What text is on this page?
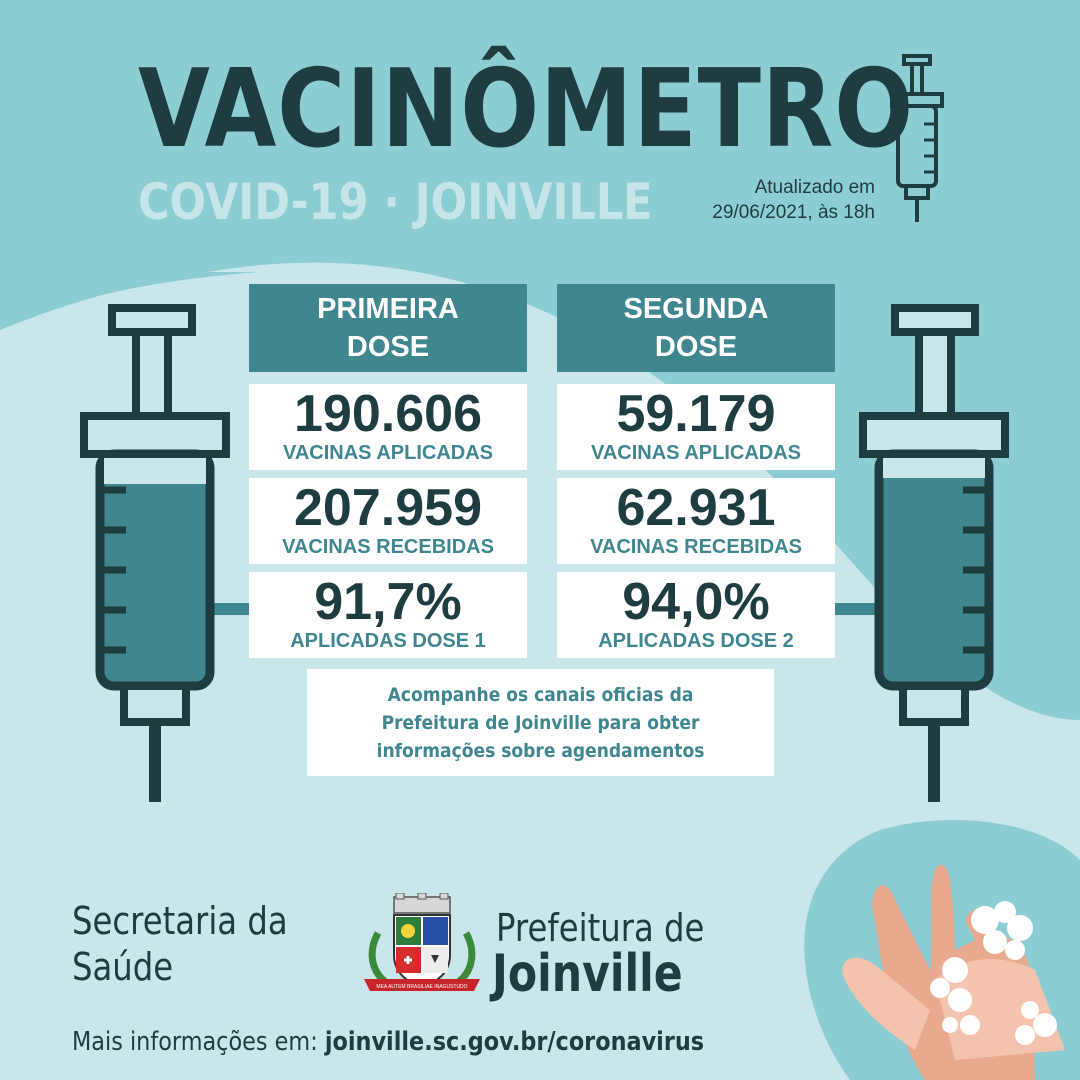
VACINÔMETRO
COVID-19 · JOINVILLE	Atualizado em
29/06/2021, às 18h
PRIMEIRA
DOSE
190.606
VACINAS APLICADAS
207.959
VACINAS RECEBIDAS
91,7%
APLICADAS DOSE 1
SEGUNDA
DOSE
59.179
VACINAS APLICADAS
62.931
VACINAS RECEBIDAS
94,0%
APLICADAS DOSE 2
Acompanhe os canais oficias da
Prefeitura de Joinville para obter
informações sobre agendamentos
Secretaria da
Saúde	MEA AUTEM BRASILIAE INAGUSTUDO
Prefeitura de
Joinville
Mais informações em: joinville.sc.gov.br/coronavirus
